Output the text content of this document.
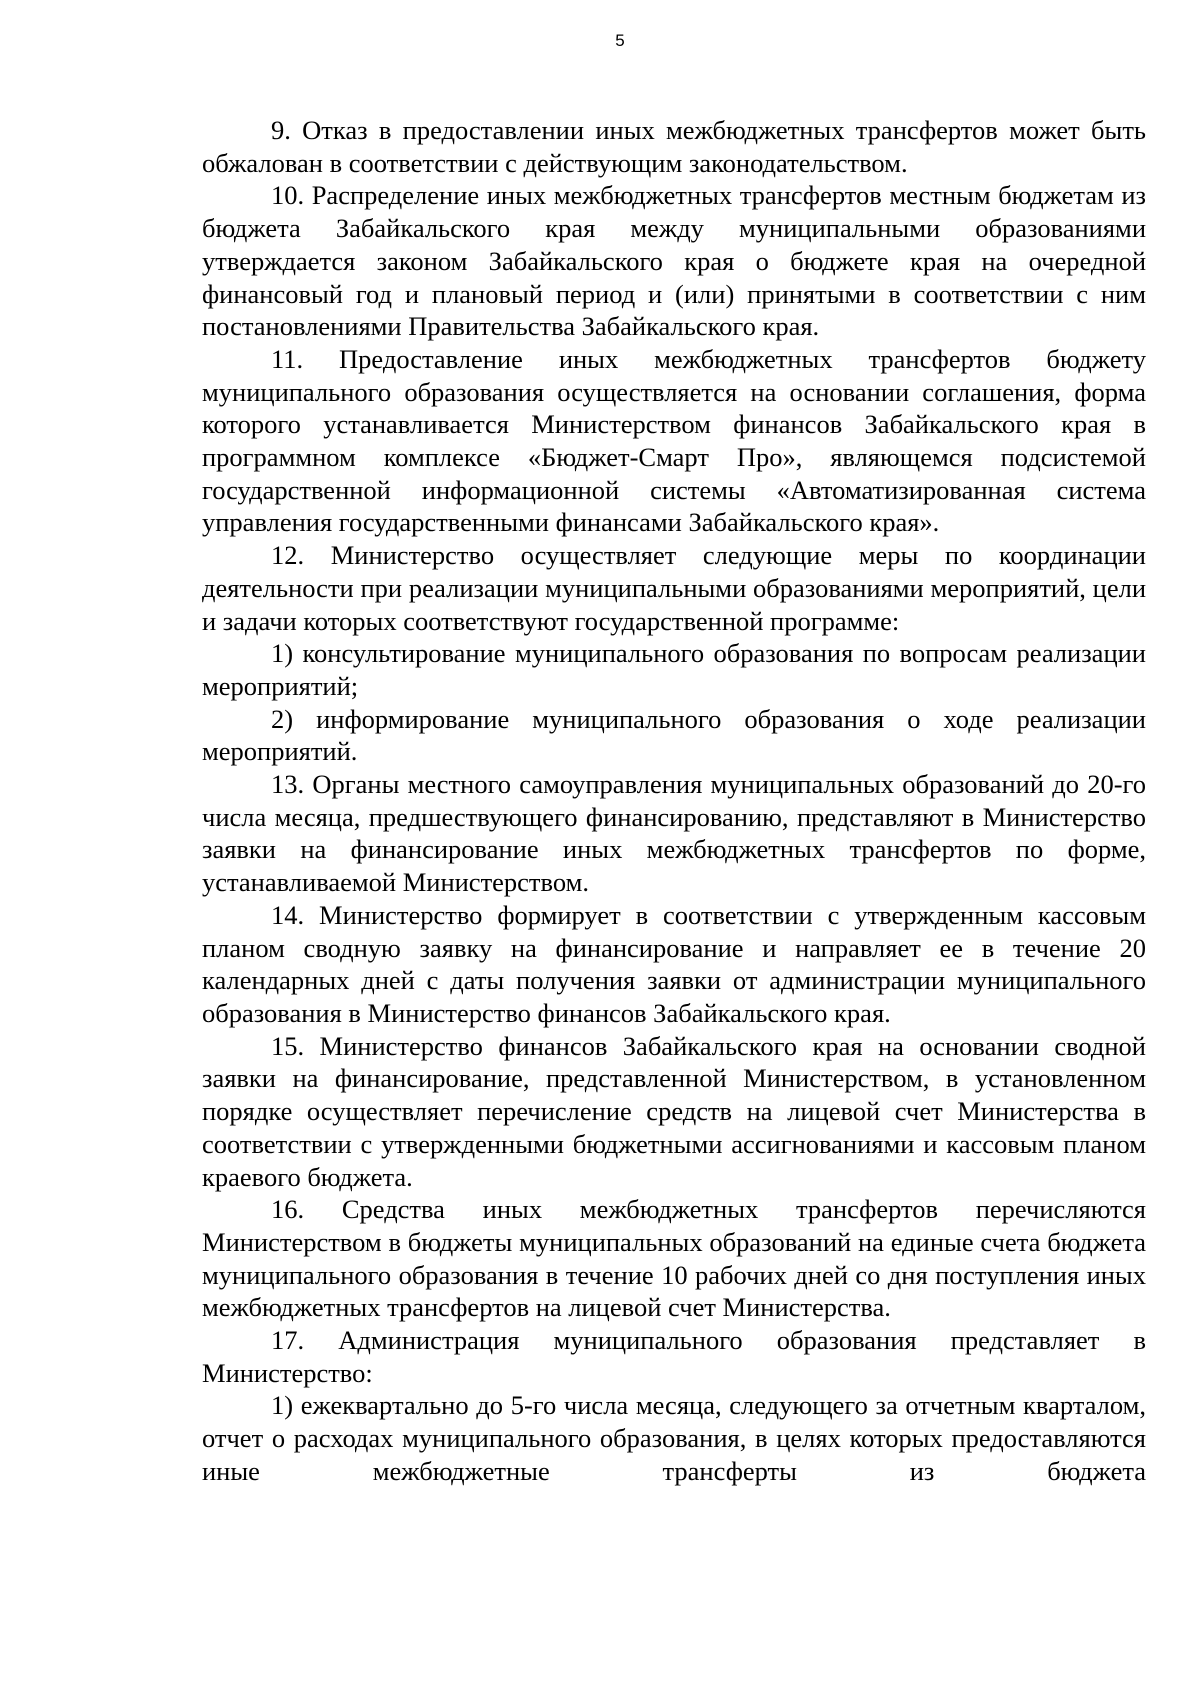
5

9. Отказ в предоставлении иных межбюджетных трансфертов может быть обжалован в соответствии с действующим законодательством.

10. Распределение иных межбюджетных трансфертов местным бюджетам из бюджета Забайкальского края между муниципальными образованиями утверждается законом Забайкальского края о бюджете края на очередной финансовый год и плановый период и (или) принятыми в соответствии с ним постановлениями Правительства Забайкальского края.

11. Предоставление иных межбюджетных трансфертов бюджету муниципального образования осуществляется на основании соглашения, форма которого устанавливается Министерством финансов Забайкальского края в программном комплексе «Бюджет-Смарт Про», являющемся подсистемой государственной информационной системы «Автоматизированная система управления государственными финансами Забайкальского края».

12. Министерство осуществляет следующие меры по координации деятельности при реализации муниципальными образованиями мероприятий, цели и задачи которых соответствуют государственной программе:

1) консультирование муниципального образования по вопросам реализации мероприятий;

2) информирование муниципального образования о ходе реализации мероприятий.

13. Органы местного самоуправления муниципальных образований до 20-го числа месяца, предшествующего финансированию, представляют в Министерство заявки на финансирование иных межбюджетных трансфертов по форме, устанавливаемой Министерством.

14. Министерство формирует в соответствии с утвержденным кассовым планом сводную заявку на финансирование и направляет ее в течение 20 календарных дней с даты получения заявки от администрации муниципального образования в Министерство финансов Забайкальского края.

15. Министерство финансов Забайкальского края на основании сводной заявки на финансирование, представленной Министерством, в установленном порядке осуществляет перечисление средств на лицевой счет Министерства в соответствии с утвержденными бюджетными ассигнованиями и кассовым планом краевого бюджета.

16. Средства иных межбюджетных трансфертов перечисляются Министерством в бюджеты муниципальных образований на единые счета бюджета муниципального образования в течение 10 рабочих дней со дня поступления иных межбюджетных трансфертов на лицевой счет Министерства.

17. Администрация муниципального образования представляет в Министерство:

1) ежеквартально до 5-го числа месяца, следующего за отчетным кварталом, отчет о расходах муниципального образования, в целях которых предоставляются иные межбюджетные трансферты из бюджета
